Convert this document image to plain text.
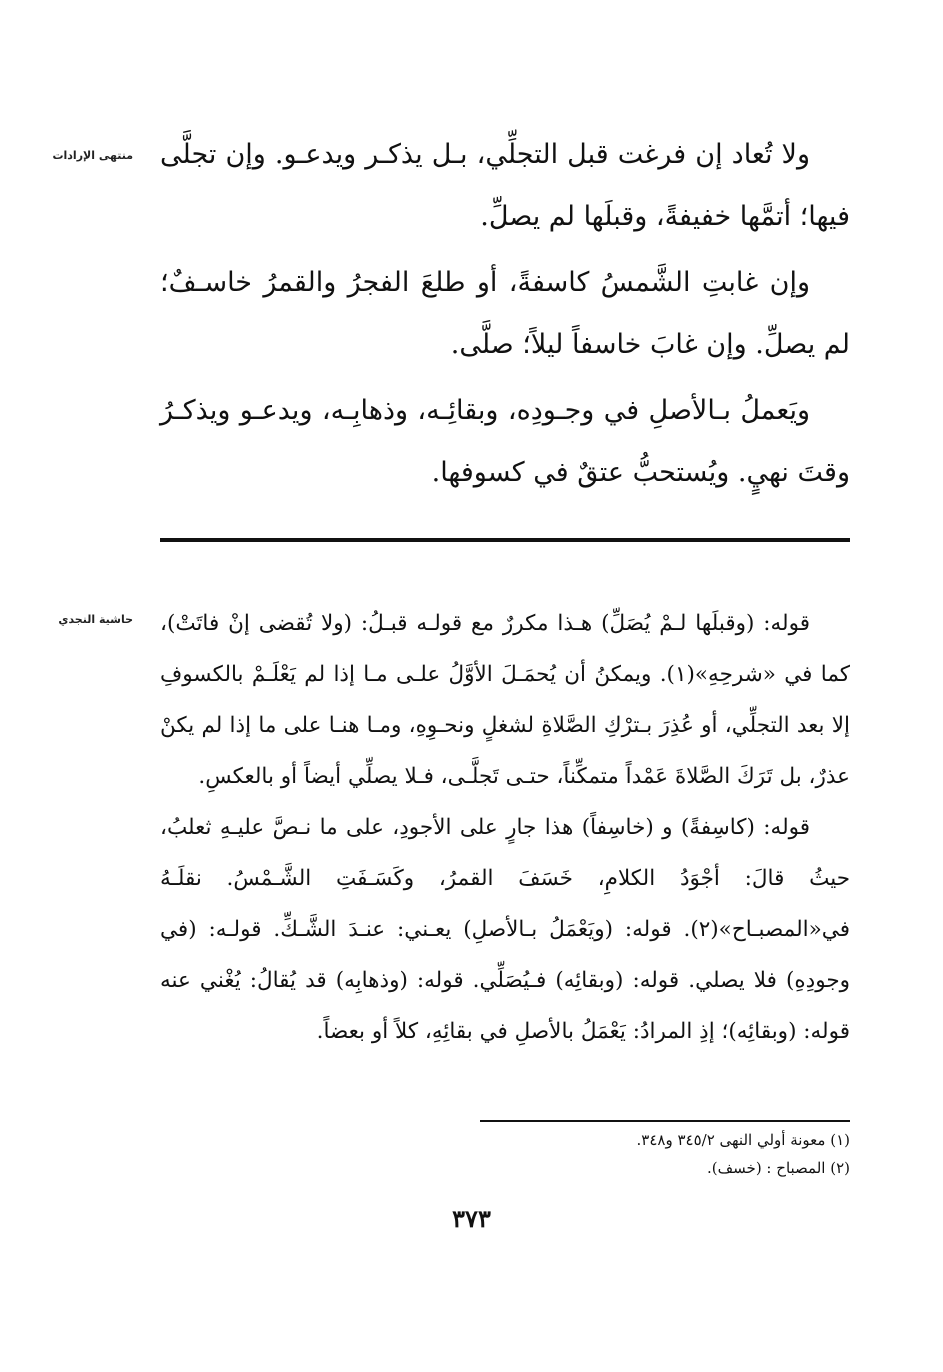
منتهى الإرادات ولا تُعاد إن فرغت قبل التجلِّي، بـل يذكـر ويدعـو. وإن تجلَّى فيها؛ أتمَّها خفيفةً، وقبلَها لم يصلِّ.

وإن غابتِ الشَّمسُ كاسفةً، أو طلعَ الفجرُ والقمرُ خاسـفٌ؛ لم يصلِّ. وإن غابَ خاسفاً ليلاً؛ صلَّى.

ويَعملُ بـالأصلِ في وجـودِه، وبقائِـه، وذهابِـه، ويدعـو ويذكـرُ وقتَ نهيٍ. ويُستحبُّ عتقٌ في كسوفها.

حاشية النجدي قوله: (وقبلَها لـمْ يُصَلِّ) هـذا مكررٌ مع قولـه قبـلُ: (ولا تُقضى إنْ فاتَتْ)، كما في «شرحِهِ»(١). ويمكنُ أن يُحمَـلَ الأوَّلُ علـى مـا إذا لم يَعْلَـمْ بالكسوفِ إلا بعد التجلِّي، أو عُذِرَ بـترْكِ الصَّلاةِ لشغلٍ ونحـوِهِ، ومـا هنـا على ما إذا لم يكنْ عذرٌ، بل تَرَكَ الصَّلاةَ عَمْداً متمكِّناً، حتـى تَجلَّـى، فـلا يصلِّي أيضاً أو بالعكسِ.

قوله: (كاسِفةً) و (خاسِفاً) هذا جارٍ على الأجودِ، على ما نـصَّ عليـهِ ثعلبُ، حيثُ قالَ: أجْوَدُ الكلامِ، خَسَفَ القمرُ، وكَسَـفَتِ الشَّـمْسُ. نقلَـهُ في«المصبـاح»(٢). قوله: (ويَعْمَلُ بـالأصلِ) يعـني: عنـدَ الشَّـكِّ. قولـه: (في وجودِهِ) فلا يصلي. قوله: (وبقائِه) فـيُصَلِّي. قوله: (وذهابِه) قد يُقالُ: يُغْني عنه قوله: (وبقائِه)؛ إذِ المرادُ: يَعْمَلُ بالأصلِ في بقائِهِ، كلاً أو بعضاً.

(١) معونة أولي النهى ٣٤٥/٢ و٣٤٨.
(٢) المصباح : (خسف).
٣٧٣
